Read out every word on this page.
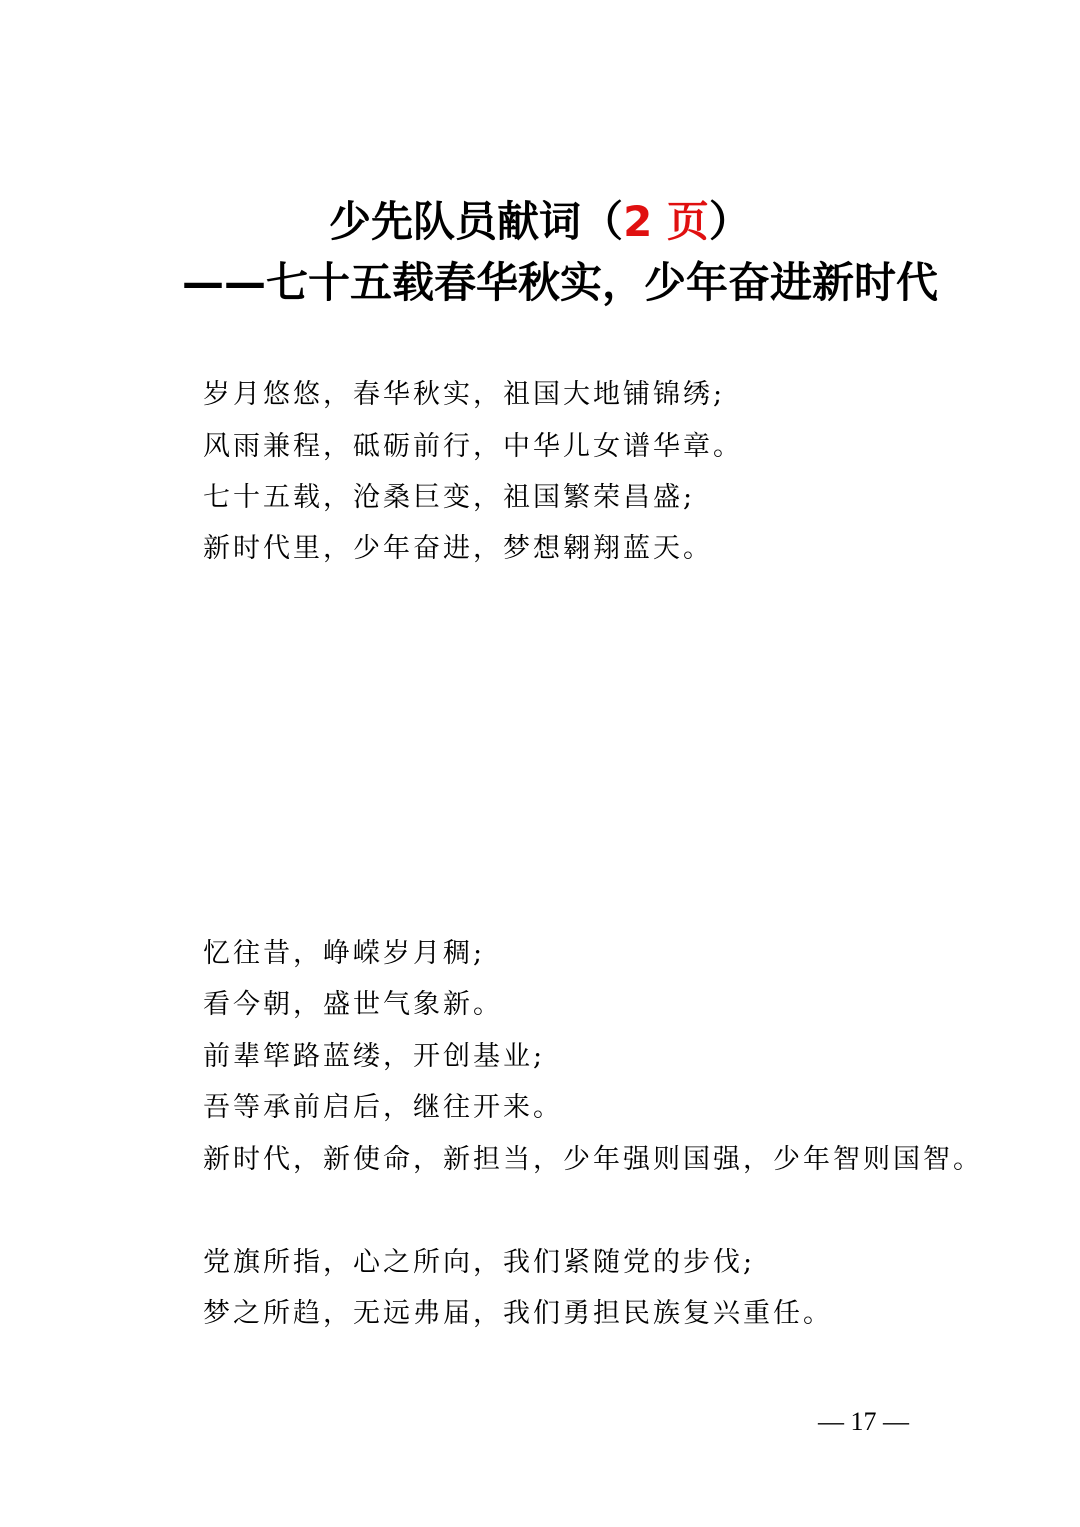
少先队员献词（2 页）
——七十五载春华秋实，少年奋进新时代
岁月悠悠，春华秋实，祖国大地铺锦绣;
风雨兼程，砥砺前行，中华儿女谱华章。
七十五载，沧桑巨变，祖国繁荣昌盛;
新时代里，少年奋进，梦想翱翔蓝天。
忆往昔，峥嵘岁月稠;
看今朝，盛世气象新。
前辈筚路蓝缕，开创基业;
吾等承前启后，继往开来。
新时代，新使命，新担当，少年强则国强，少年智则国智。
党旗所指，心之所向，我们紧随党的步伐;
梦之所趋，无远弗届，我们勇担民族复兴重任。
— 17 —
